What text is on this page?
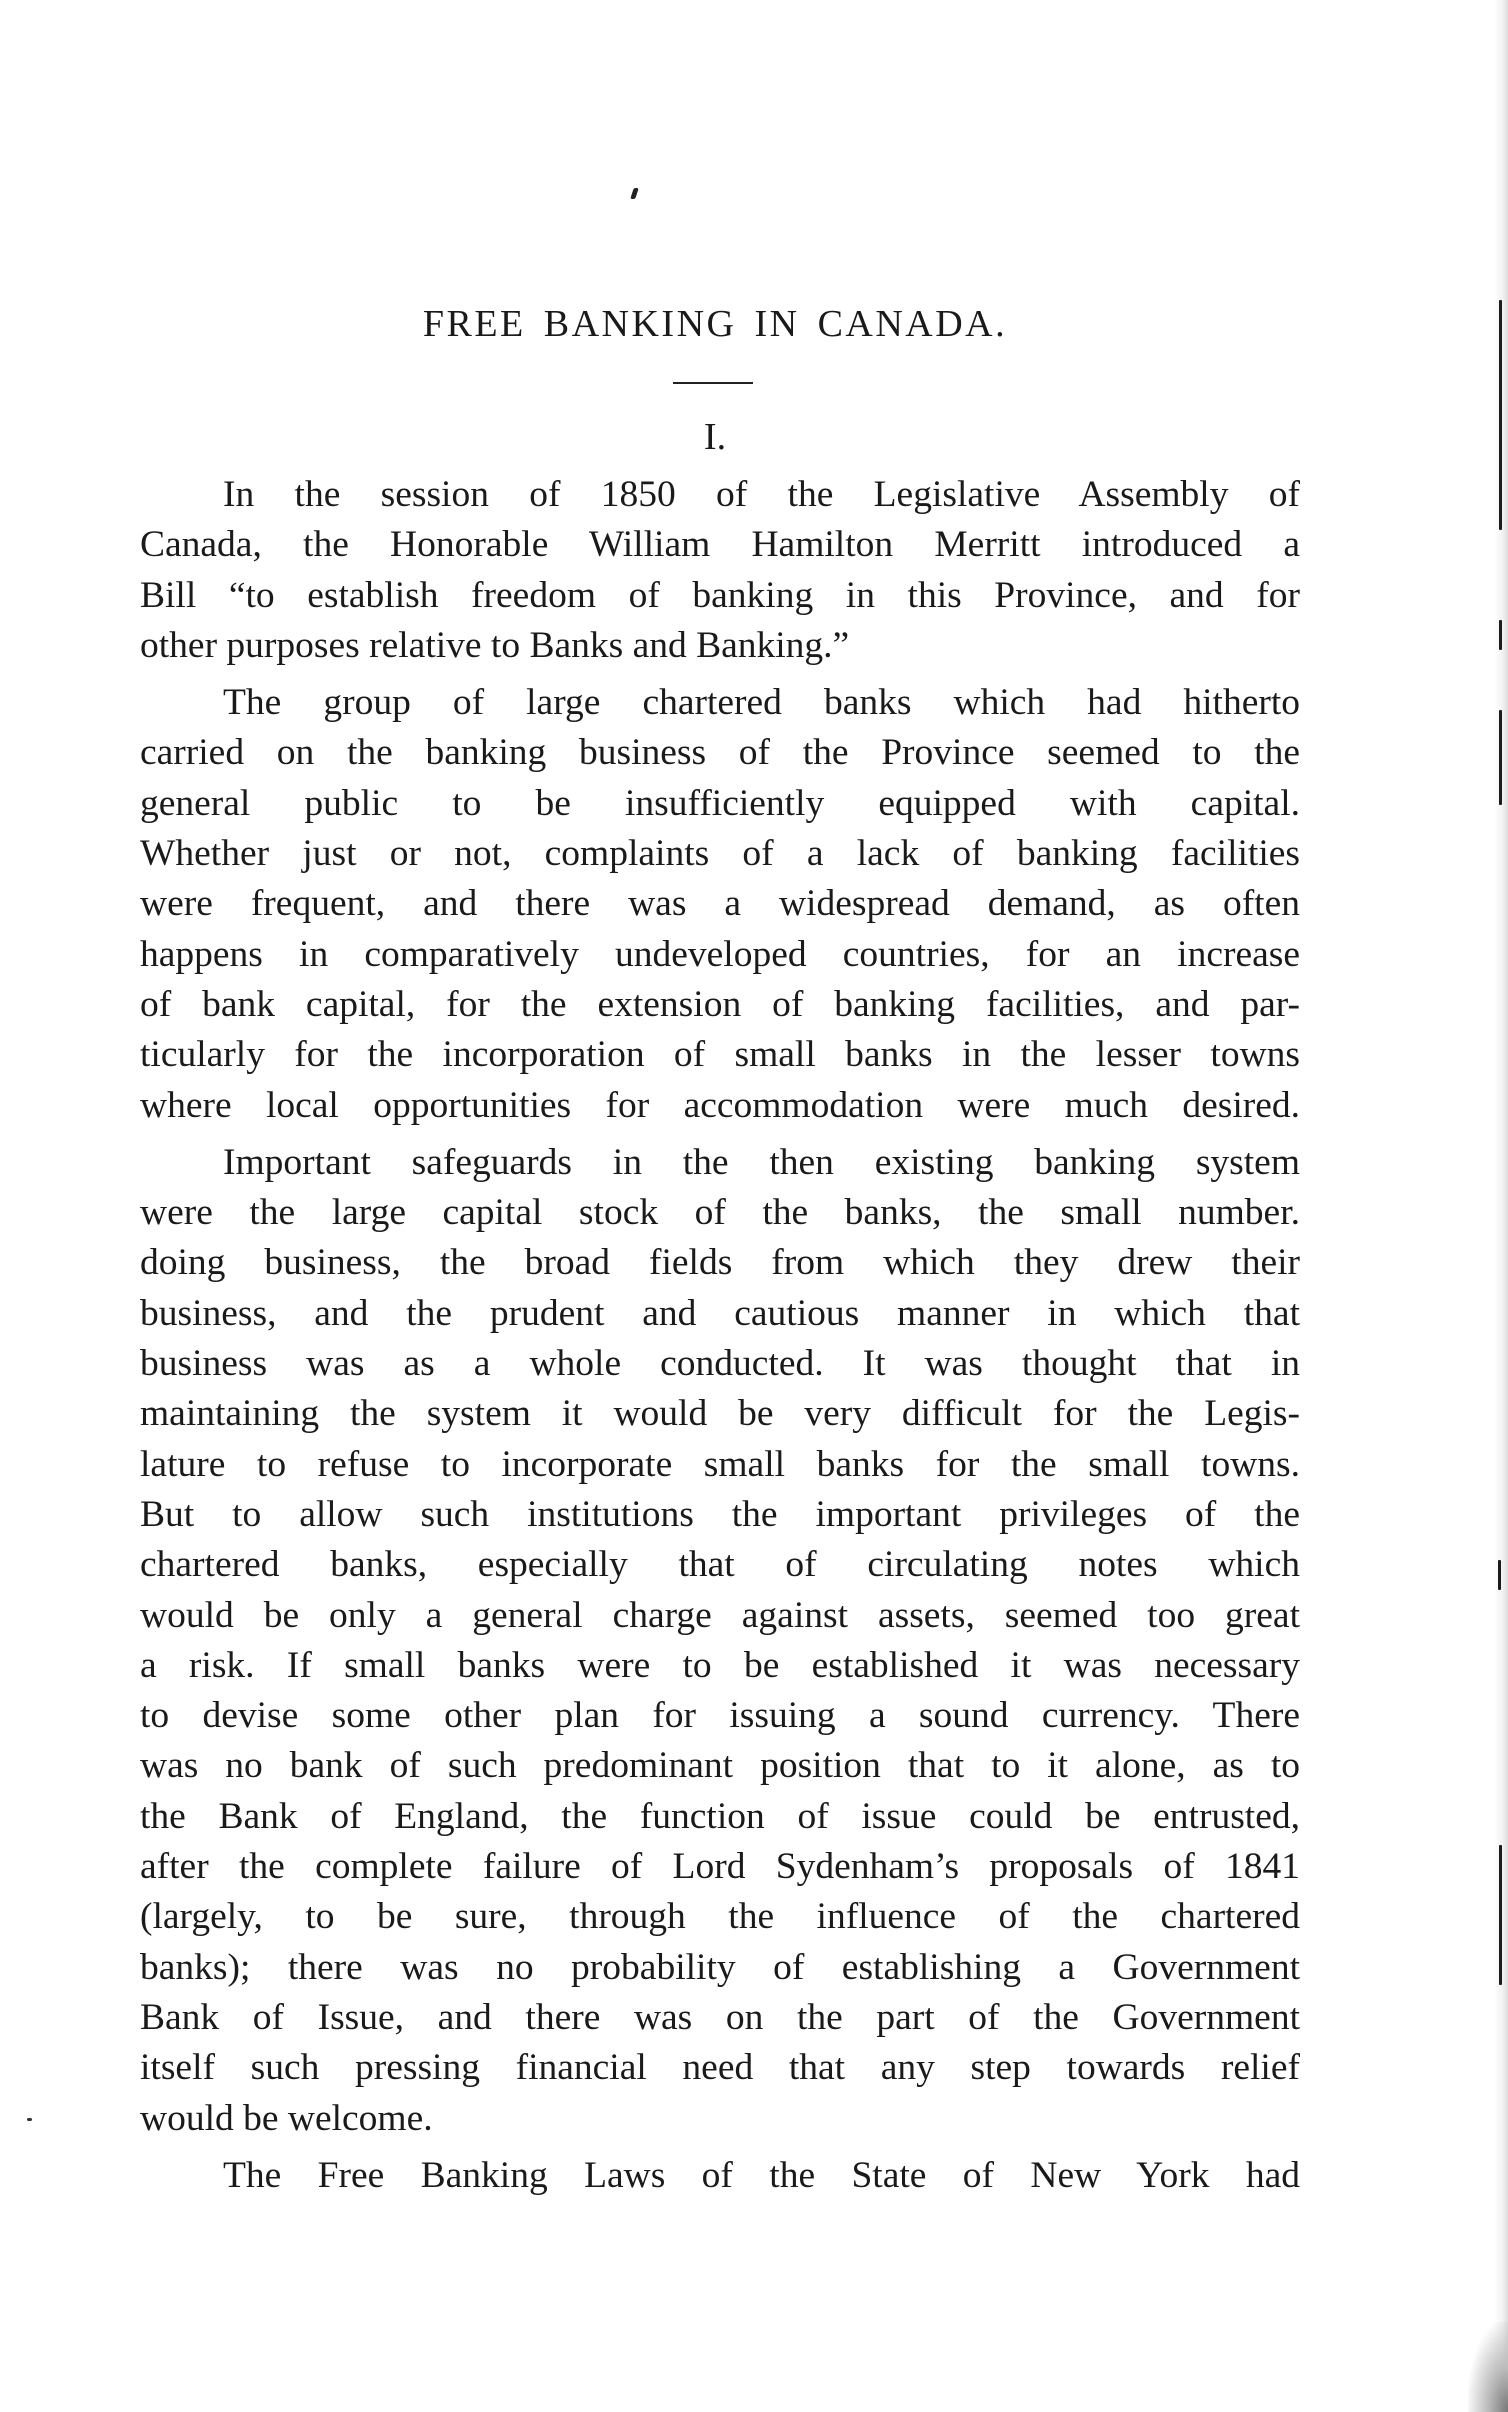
FREE BANKING IN CANADA.
I.

In the session of 1850 of the Legislative Assembly of
Canada, the Honorable William Hamilton Merritt introduced a
Bill “to establish freedom of banking in this Province, and for
other purposes relative to Banks and Banking.”

The group of large chartered banks which had hitherto
carried on the banking business of the Province seemed to the
general public to be insufficiently equipped with capital.
Whether just or not, complaints of a lack of banking facilities
were frequent, and there was a widespread demand, as often
happens in comparatively undeveloped countries, for an increase
of bank capital, for the extension of banking facilities, and par-
ticularly for the incorporation of small banks in the lesser towns
where local opportunities for accommodation were much desired.

Important safeguards in the then existing banking system
were the large capital stock of the banks, the small number.
doing business, the broad fields from which they drew their
business, and the prudent and cautious manner in which that
business was as a whole conducted. It was thought that in
maintaining the system it would be very difficult for the Legis-
lature to refuse to incorporate small banks for the small towns.
But to allow such institutions the important privileges of the
chartered banks, especially that of circulating notes which
would be only a general charge against assets, seemed too great
a risk. If small banks were to be established it was necessary
to devise some other plan for issuing a sound currency. There
was no bank of such predominant position that to it alone, as to
the Bank of England, the function of issue could be entrusted,
after the complete failure of Lord Sydenham’s proposals of 1841
(largely, to be sure, through the influence of the chartered
banks); there was no probability of establishing a Government
Bank of Issue, and there was on the part of the Government
itself such pressing financial need that any step towards relief
would be welcome.

The Free Banking Laws of the State of New York had
